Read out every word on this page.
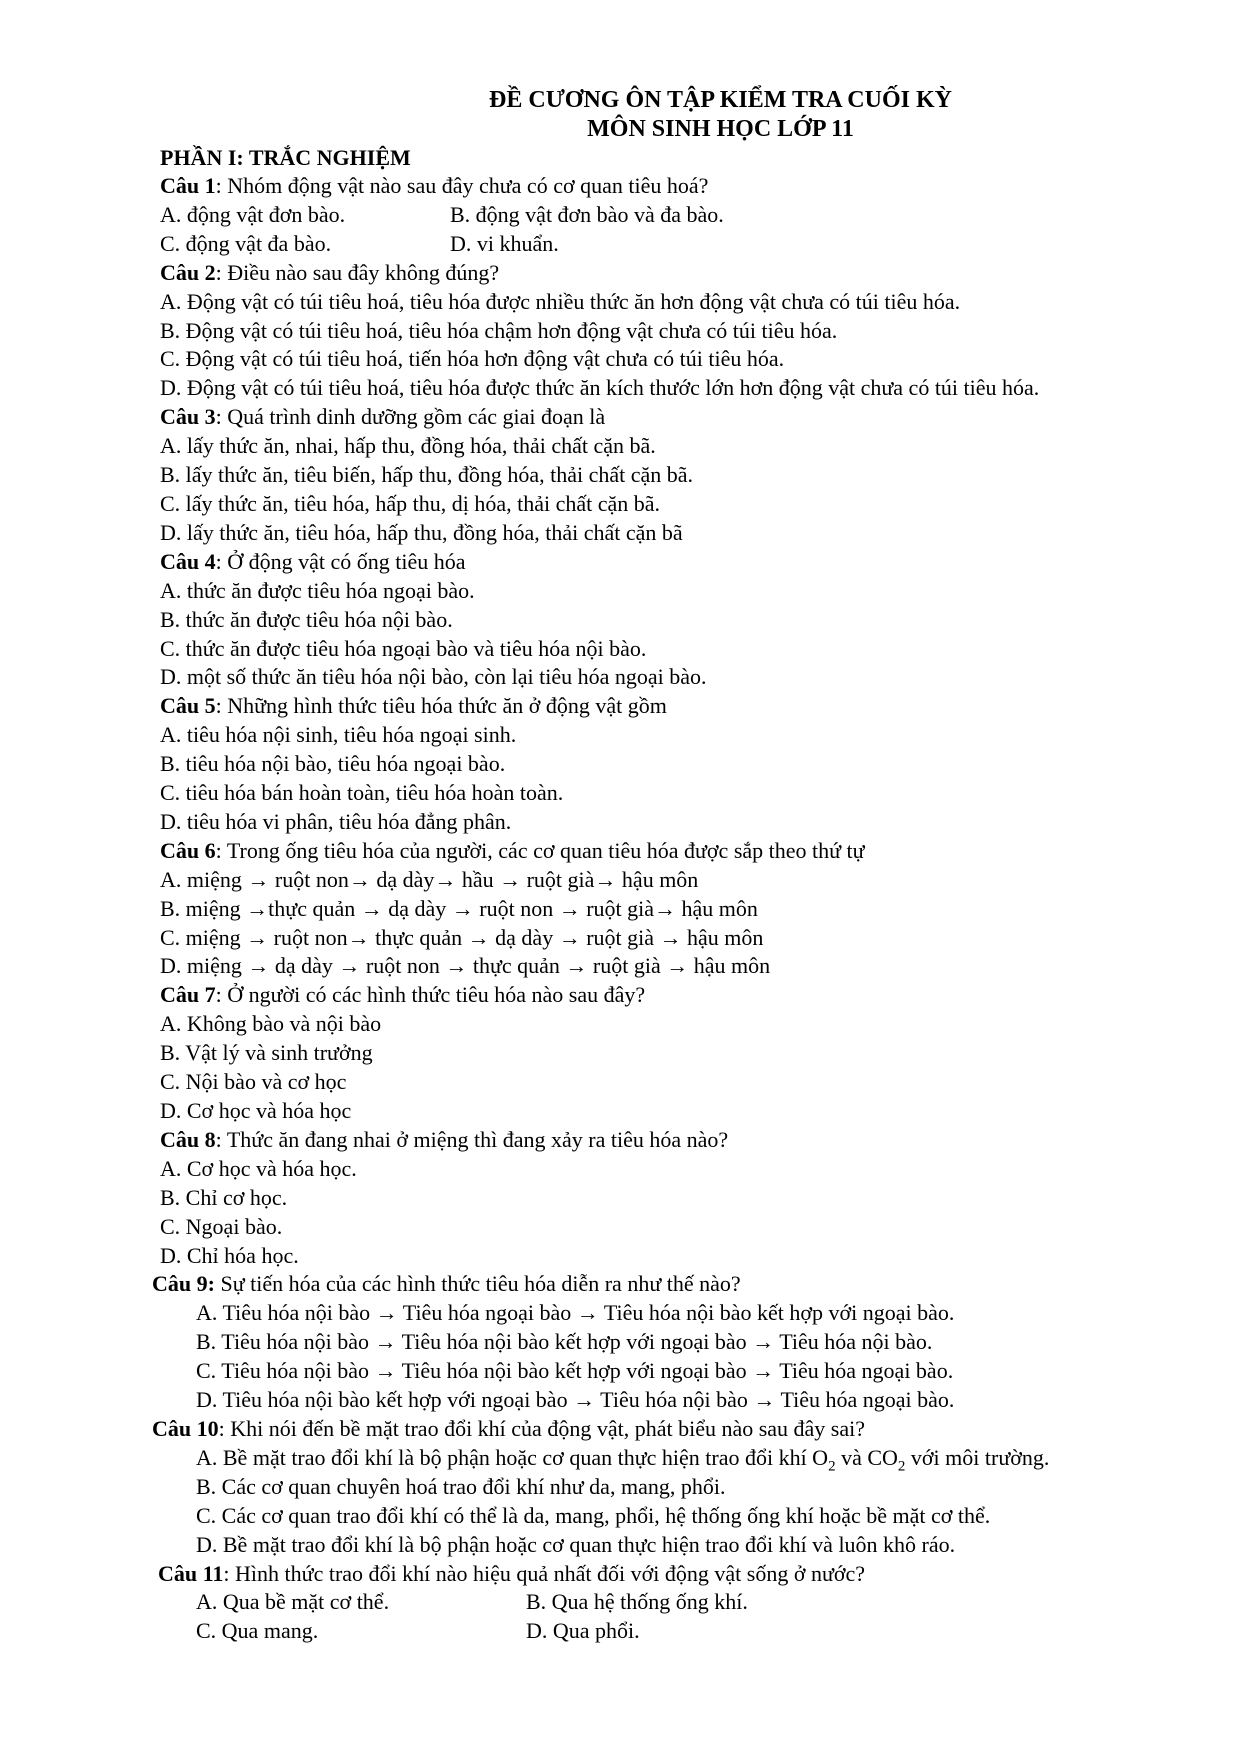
ĐỀ CƯƠNG ÔN TẬP KIỂM TRA CUỐI KỲ
MÔN SINH HỌC LỚP 11
PHẦN I: TRẮC NGHIỆM
Câu 1: Nhóm động vật nào sau đây chưa có cơ quan tiêu hoá?
A. động vật đơn bào.	B. động vật đơn bào và đa bào.
C. động vật đa bào.	D. vi khuẩn.
Câu 2: Điều nào sau đây không đúng?
A. Động vật có túi tiêu hoá, tiêu hóa được nhiều thức ăn hơn động vật chưa có túi tiêu hóa.
B. Động vật có túi tiêu hoá, tiêu hóa chậm hơn động vật chưa có túi tiêu hóa.
C. Động vật có túi tiêu hoá, tiến hóa hơn động vật chưa có túi tiêu hóa.
D. Động vật có túi tiêu hoá, tiêu hóa được thức ăn kích thước lớn hơn động vật chưa có túi tiêu hóa.
Câu 3: Quá trình dinh dưỡng gồm các giai đoạn là
A. lấy thức ăn, nhai, hấp thu, đồng hóa, thải chất cặn bã.
B. lấy thức ăn, tiêu biến, hấp thu, đồng hóa, thải chất cặn bã.
C. lấy thức ăn, tiêu hóa, hấp thu, dị hóa, thải chất cặn bã.
D. lấy thức ăn, tiêu hóa, hấp thu, đồng hóa, thải chất cặn bã
Câu 4: Ở động vật có ống tiêu hóa
A. thức ăn được tiêu hóa ngoại bào.
B. thức ăn được tiêu hóa nội bào.
C. thức ăn được tiêu hóa ngoại bào và tiêu hóa nội bào.
D. một số thức ăn tiêu hóa nội bào, còn lại tiêu hóa ngoại bào.
Câu 5: Những hình thức tiêu hóa thức ăn ở động vật gồm
A. tiêu hóa nội sinh, tiêu hóa ngoại sinh.
B. tiêu hóa nội bào, tiêu hóa ngoại bào.
C. tiêu hóa bán hoàn toàn, tiêu hóa hoàn toàn.
D. tiêu hóa vi phân, tiêu hóa đẳng phân.
Câu 6: Trong ống tiêu hóa của người, các cơ quan tiêu hóa được sắp theo thứ tự
A. miệng → ruột non→ dạ dày→ hầu → ruột già→ hậu môn
B. miệng →thực quản → dạ dày → ruột non → ruột già→ hậu môn
C. miệng → ruột non→ thực quản → dạ dày → ruột già → hậu môn
D. miệng → dạ dày → ruột non → thực quản → ruột già → hậu môn
Câu 7: Ở người có các hình thức tiêu hóa nào sau đây?
A. Không bào và nội bào
B. Vật lý và sinh trưởng
C. Nội bào và cơ học
D. Cơ học và hóa học
Câu 8: Thức ăn đang nhai ở miệng thì đang xảy ra tiêu hóa nào?
A. Cơ học và hóa học.
B. Chỉ cơ học.
C. Ngoại bào.
D. Chỉ hóa học.
Câu 9: Sự tiến hóa của các hình thức tiêu hóa diễn ra như thế nào?
A. Tiêu hóa nội bào → Tiêu hóa ngoại bào → Tiêu hóa nội bào kết hợp với ngoại bào.
B. Tiêu hóa nội bào → Tiêu hóa nội bào kết hợp với ngoại bào → Tiêu hóa nội bào.
C. Tiêu hóa nội bào → Tiêu hóa nội bào kết hợp với ngoại bào → Tiêu hóa ngoại bào.
D. Tiêu hóa nội bào kết hợp với ngoại bào → Tiêu hóa nội bào → Tiêu hóa ngoại bào.
Câu 10: Khi nói đến bề mặt trao đổi khí của động vật, phát biểu nào sau đây sai?
A. Bề mặt trao đổi khí là bộ phận hoặc cơ quan thực hiện trao đổi khí $O_2$ và $CO_2$ với môi trường.
B. Các cơ quan chuyên hoá trao đổi khí như da, mang, phổi.
C. Các cơ quan trao đổi khí có thể là da, mang, phổi, hệ thống ống khí hoặc bề mặt cơ thể.
D. Bề mặt trao đổi khí là bộ phận hoặc cơ quan thực hiện trao đổi khí và luôn khô ráo.
Câu 11: Hình thức trao đổi khí nào hiệu quả nhất đối với động vật sống ở nước?
A. Qua bề mặt cơ thể.	B. Qua hệ thống ống khí.
C. Qua mang.	D. Qua phổi.
